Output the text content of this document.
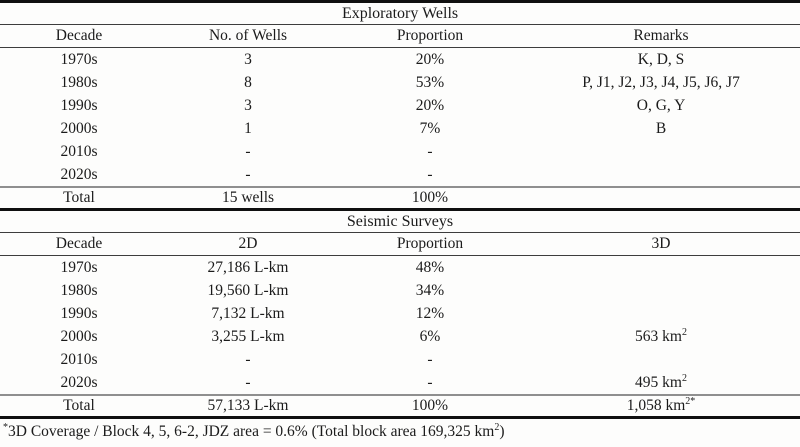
Exploratory Wells			
Decade	No. of Wells	Proportion	Remarks
1970s	3	20%	K, D, S
1980s	8	53%	P, J1, J2, J3, J4, J5, J6, J7
1990s	3	20%	O, G, Y
2000s	1	7%	B
2010s	-	-	
2020s	-	-	
Total	15 wells	100%	
Seismic Surveys			
Decade	2D	Proportion	3D
1970s	27,186 L-km	48%	
1980s	19,560 L-km	34%	
1990s	7,132 L-km	12%	
2000s	3,255 L-km	6%	563 $km^2$
2010s	-	-	
2020s	-	-	495 $km^2$
Total	57,133 L-km	100%	1,058 $km^{2*}$
*3D Coverage / Block 4, 5, 6-2, JDZ area = 0.6% (Total block area 169,325 $km^2$)
